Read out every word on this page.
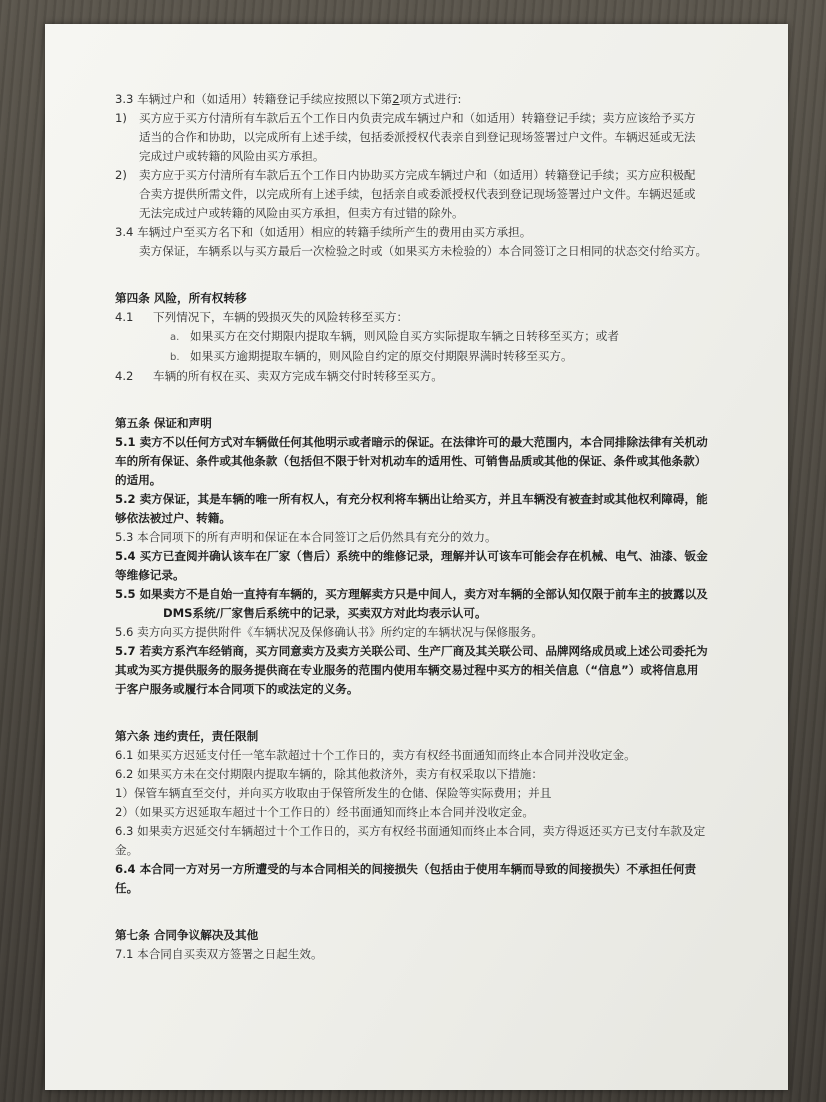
3.3 车辆过户和（如适用）转籍登记手续应按照以下第2项方式进行:
1) 买方应于买方付清所有车款后五个工作日内负责完成车辆过户和（如适用）转籍登记手续；卖方应该给予买方
适当的合作和协助，以完成所有上述手续，包括委派授权代表亲自到登记现场签署过户文件。车辆迟延或无法
完成过户或转籍的风险由买方承担。
2) 卖方应于买方付清所有车款后五个工作日内协助买方完成车辆过户和（如适用）转籍登记手续；买方应积极配
合卖方提供所需文件，以完成所有上述手续，包括亲自或委派授权代表到登记现场签署过户文件。车辆迟延或
无法完成过户或转籍的风险由买方承担，但卖方有过错的除外。
3.4 车辆过户至买方名下和（如适用）相应的转籍手续所产生的费用由买方承担。
卖方保证，车辆系以与买方最后一次检验之时或（如果买方未检验的）本合同签订之日相同的状态交付给买方。
第四条 风险，所有权转移
4.1 下列情况下，车辆的毁损灭失的风险转移至买方：
a. 如果买方在交付期限内提取车辆，则风险自买方实际提取车辆之日转移至买方；或者
b. 如果买方逾期提取车辆的，则风险自约定的原交付期限界满时转移至买方。
4.2 车辆的所有权在买、卖双方完成车辆交付时转移至买方。
第五条 保证和声明
5.1 卖方不以任何方式对车辆做任何其他明示或者暗示的保证。在法律许可的最大范围内，本合同排除法律有关机动
车的所有保证、条件或其他条款（包括但不限于针对机动车的适用性、可销售品质或其他的保证、条件或其他条款）
的适用。
5.2 卖方保证，其是车辆的唯一所有权人，有充分权利将车辆出让给买方，并且车辆没有被查封或其他权利障碍，能
够依法被过户、转籍。
5.3 本合同项下的所有声明和保证在本合同签订之后仍然具有充分的效力。
5.4 买方已查阅并确认该车在厂家（售后）系统中的维修记录，理解并认可该车可能会存在机械、电气、油漆、钣金
等维修记录。
5.5 如果卖方不是自始一直持有车辆的，买方理解卖方只是中间人，卖方对车辆的全部认知仅限于前车主的披露以及
DMS系统/厂家售后系统中的记录，买卖双方对此均表示认可。
5.6 卖方向买方提供附件《车辆状况及保修确认书》所约定的车辆状况与保修服务。
5.7 若卖方系汽车经销商，买方同意卖方及卖方关联公司、生产厂商及其关联公司、品牌网络成员或上述公司委托为
其或为买方提供服务的服务提供商在专业服务的范围内使用车辆交易过程中买方的相关信息（“信息”）或将信息用
于客户服务或履行本合同项下的或法定的义务。
第六条 违约责任，责任限制
6.1 如果买方迟延支付任一笔车款超过十个工作日的，卖方有权经书面通知而终止本合同并没收定金。
6.2 如果买方未在交付期限内提取车辆的，除其他救济外，卖方有权采取以下措施：
1）保管车辆直至交付，并向买方收取由于保管所发生的仓储、保险等实际费用；并且
2）（如果买方迟延取车超过十个工作日的）经书面通知而终止本合同并没收定金。
6.3 如果卖方迟延交付车辆超过十个工作日的，买方有权经书面通知而终止本合同，卖方得返还买方已支付车款及定
金。
6.4 本合同一方对另一方所遭受的与本合同相关的间接损失（包括由于使用车辆而导致的间接损失）不承担任何责
任。
第七条 合同争议解决及其他
7.1 本合同自买卖双方签署之日起生效。
